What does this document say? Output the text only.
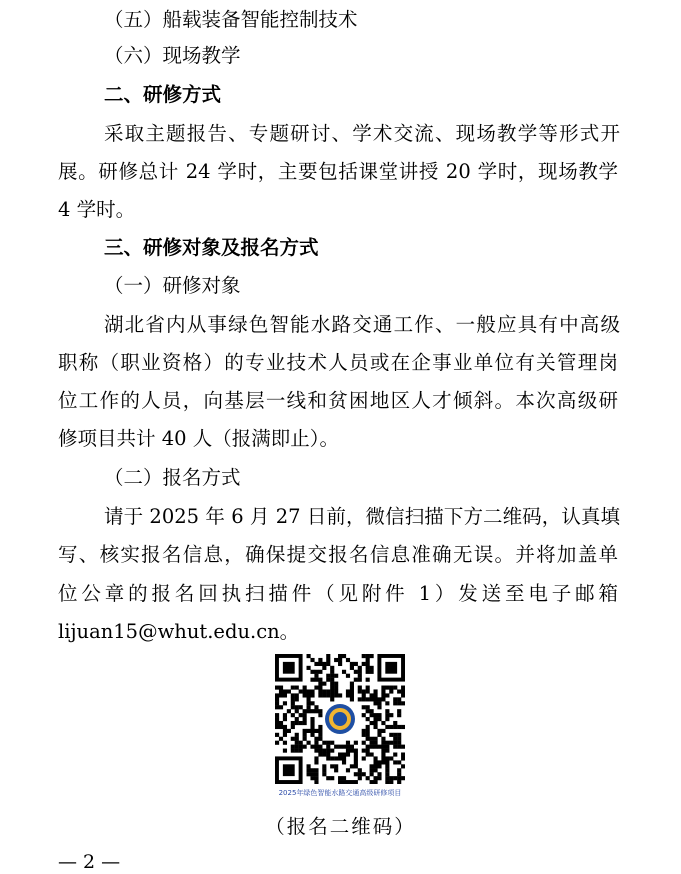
（五）船载装备智能控制技术
（六）现场教学
二、研修方式
采取主题报告、专题研讨、学术交流、现场教学等形式开
展。研修总计 24 学时，主要包括课堂讲授 20 学时，现场教学
4 学时。
三、研修对象及报名方式
（一）研修对象
湖北省内从事绿色智能水路交通工作、一般应具有中高级
职称（职业资格）的专业技术人员或在企事业单位有关管理岗
位工作的人员，向基层一线和贫困地区人才倾斜。本次高级研
修项目共计 40 人（报满即止）。
（二）报名方式
请于 2025 年 6 月 27 日前，微信扫描下方二维码，认真填
写、核实报名信息，确保提交报名信息准确无误。并将加盖单
位公章的报名回执扫描件（见附件 1）发送至电子邮箱
lijuan15@whut.edu.cn。
2025年绿色智能水路交通高级研修项目
（报名二维码）
— 2 —
